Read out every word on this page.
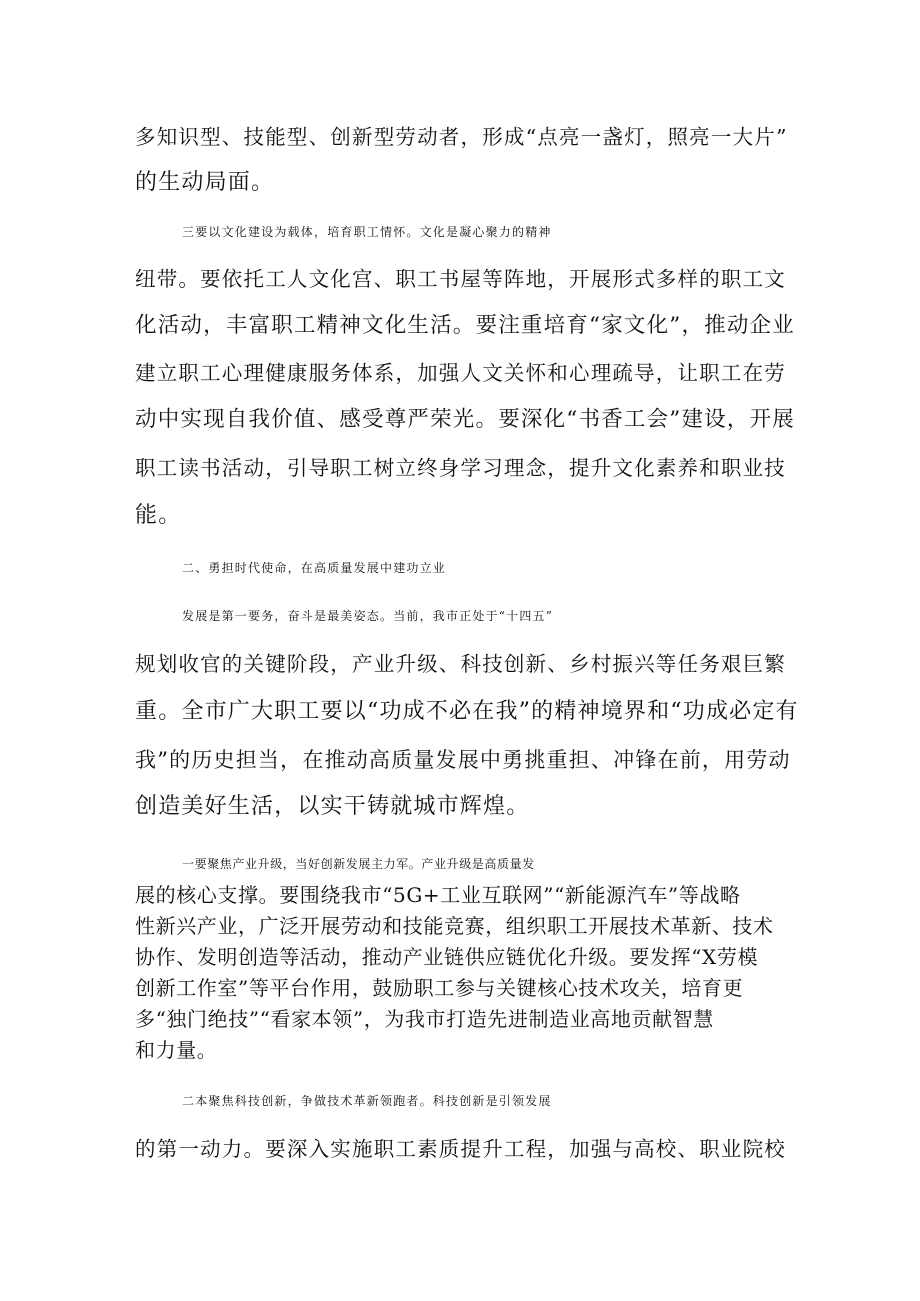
多知识型、技能型、创新型劳动者，形成“点亮一盏灯，照亮一大片”
的生动局面。
三要以文化建设为载体，培育职工情怀。文化是凝心聚力的精神
纽带。要依托工人文化宫、职工书屋等阵地，开展形式多样的职工文
化活动，丰富职工精神文化生活。要注重培育“家文化”，推动企业
建立职工心理健康服务体系，加强人文关怀和心理疏导，让职工在劳
动中实现自我价值、感受尊严荣光。要深化“书香工会”建设，开展
职工读书活动，引导职工树立终身学习理念，提升文化素养和职业技
能。
二、勇担时代使命，在高质量发展中建功立业
发展是第一要务，奋斗是最美姿态。当前，我市正处于“十四五”
规划收官的关键阶段，产业升级、科技创新、乡村振兴等任务艰巨繁
重。全市广大职工要以“功成不必在我”的精神境界和“功成必定有
我”的历史担当，在推动高质量发展中勇挑重担、冲锋在前，用劳动
创造美好生活，以实干铸就城市辉煌。
一要聚焦产业升级，当好创新发展主力军。产业升级是高质量发
展的核心支撑。要围绕我市“5G+工业互联网”“新能源汽车”等战略
性新兴产业，广泛开展劳动和技能竞赛，组织职工开展技术革新、技术
协作、发明创造等活动，推动产业链供应链优化升级。要发挥“X劳模
创新工作室”等平台作用，鼓励职工参与关键核心技术攻关，培育更
多“独门绝技”“看家本领”，为我市打造先进制造业高地贡献智慧
和力量。
二本聚焦科技创新，争做技术革新领跑者。科技创新是引领发展
的第一动力。要深入实施职工素质提升工程，加强与高校、职业院校
